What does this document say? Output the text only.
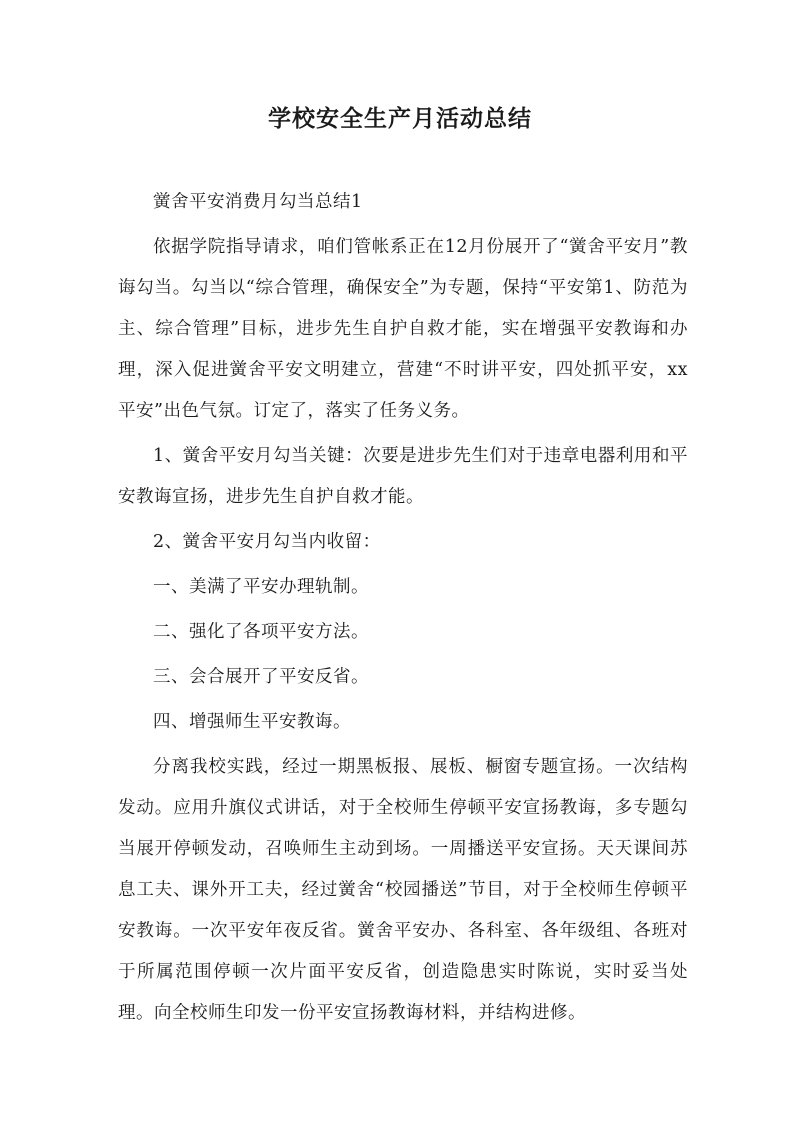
学校安全生产月活动总结

黉舍平安消费月勾当总结1

依据学院指导请求，咱们管帐系正在12月份展开了“黉舍平安月”教诲勾当。勾当以“综合管理，确保安全”为专题，保持“平安第1、防范为主、综合管理”目标，进步先生自护自救才能，实在增强平安教诲和办理，深入促进黉舍平安文明建立，营建“不时讲平安，四处抓平安，xx平安”出色气氛。订定了，落实了任务义务。

1、黉舍平安月勾当关键：次要是进步先生们对于违章电器利用和平安教诲宣扬，进步先生自护自救才能。

2、黉舍平安月勾当内收留：

一、美满了平安办理轨制。

二、强化了各项平安方法。

三、会合展开了平安反省。

四、增强师生平安教诲。

分离我校实践，经过一期黑板报、展板、橱窗专题宣扬。一次结构发动。应用升旗仪式讲话，对于全校师生停顿平安宣扬教诲，多专题勾当展开停顿发动，召唤师生主动到场。一周播送平安宣扬。天天课间苏息工夫、课外开工夫，经过黉舍“校园播送”节目，对于全校师生停顿平安教诲。一次平安年夜反省。黉舍平安办、各科室、各年级组、各班对于所属范围停顿一次片面平安反省，创造隐患实时陈说，实时妥当处理。向全校师生印发一份平安宣扬教诲材料，并结构进修。
